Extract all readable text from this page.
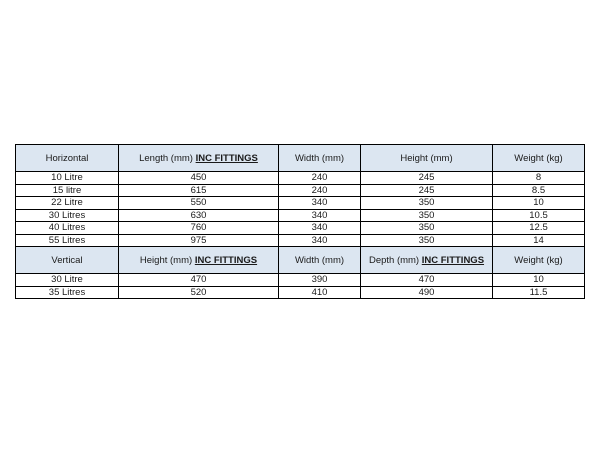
Horizontal	Length (mm) INC FITTINGS	Width (mm)	Height (mm)	Weight (kg)
10 Litre	450	240	245	8
15 litre	615	240	245	8.5
22 Litre	550	340	350	10
30 Litres	630	340	350	10.5
40 Litres	760	340	350	12.5
55 Litres	975	340	350	14
Vertical	Height (mm) INC FITTINGS	Width (mm)	Depth (mm) INC FITTINGS	Weight (kg)
30 Litre	470	390	470	10
35 Litres	520	410	490	11.5
